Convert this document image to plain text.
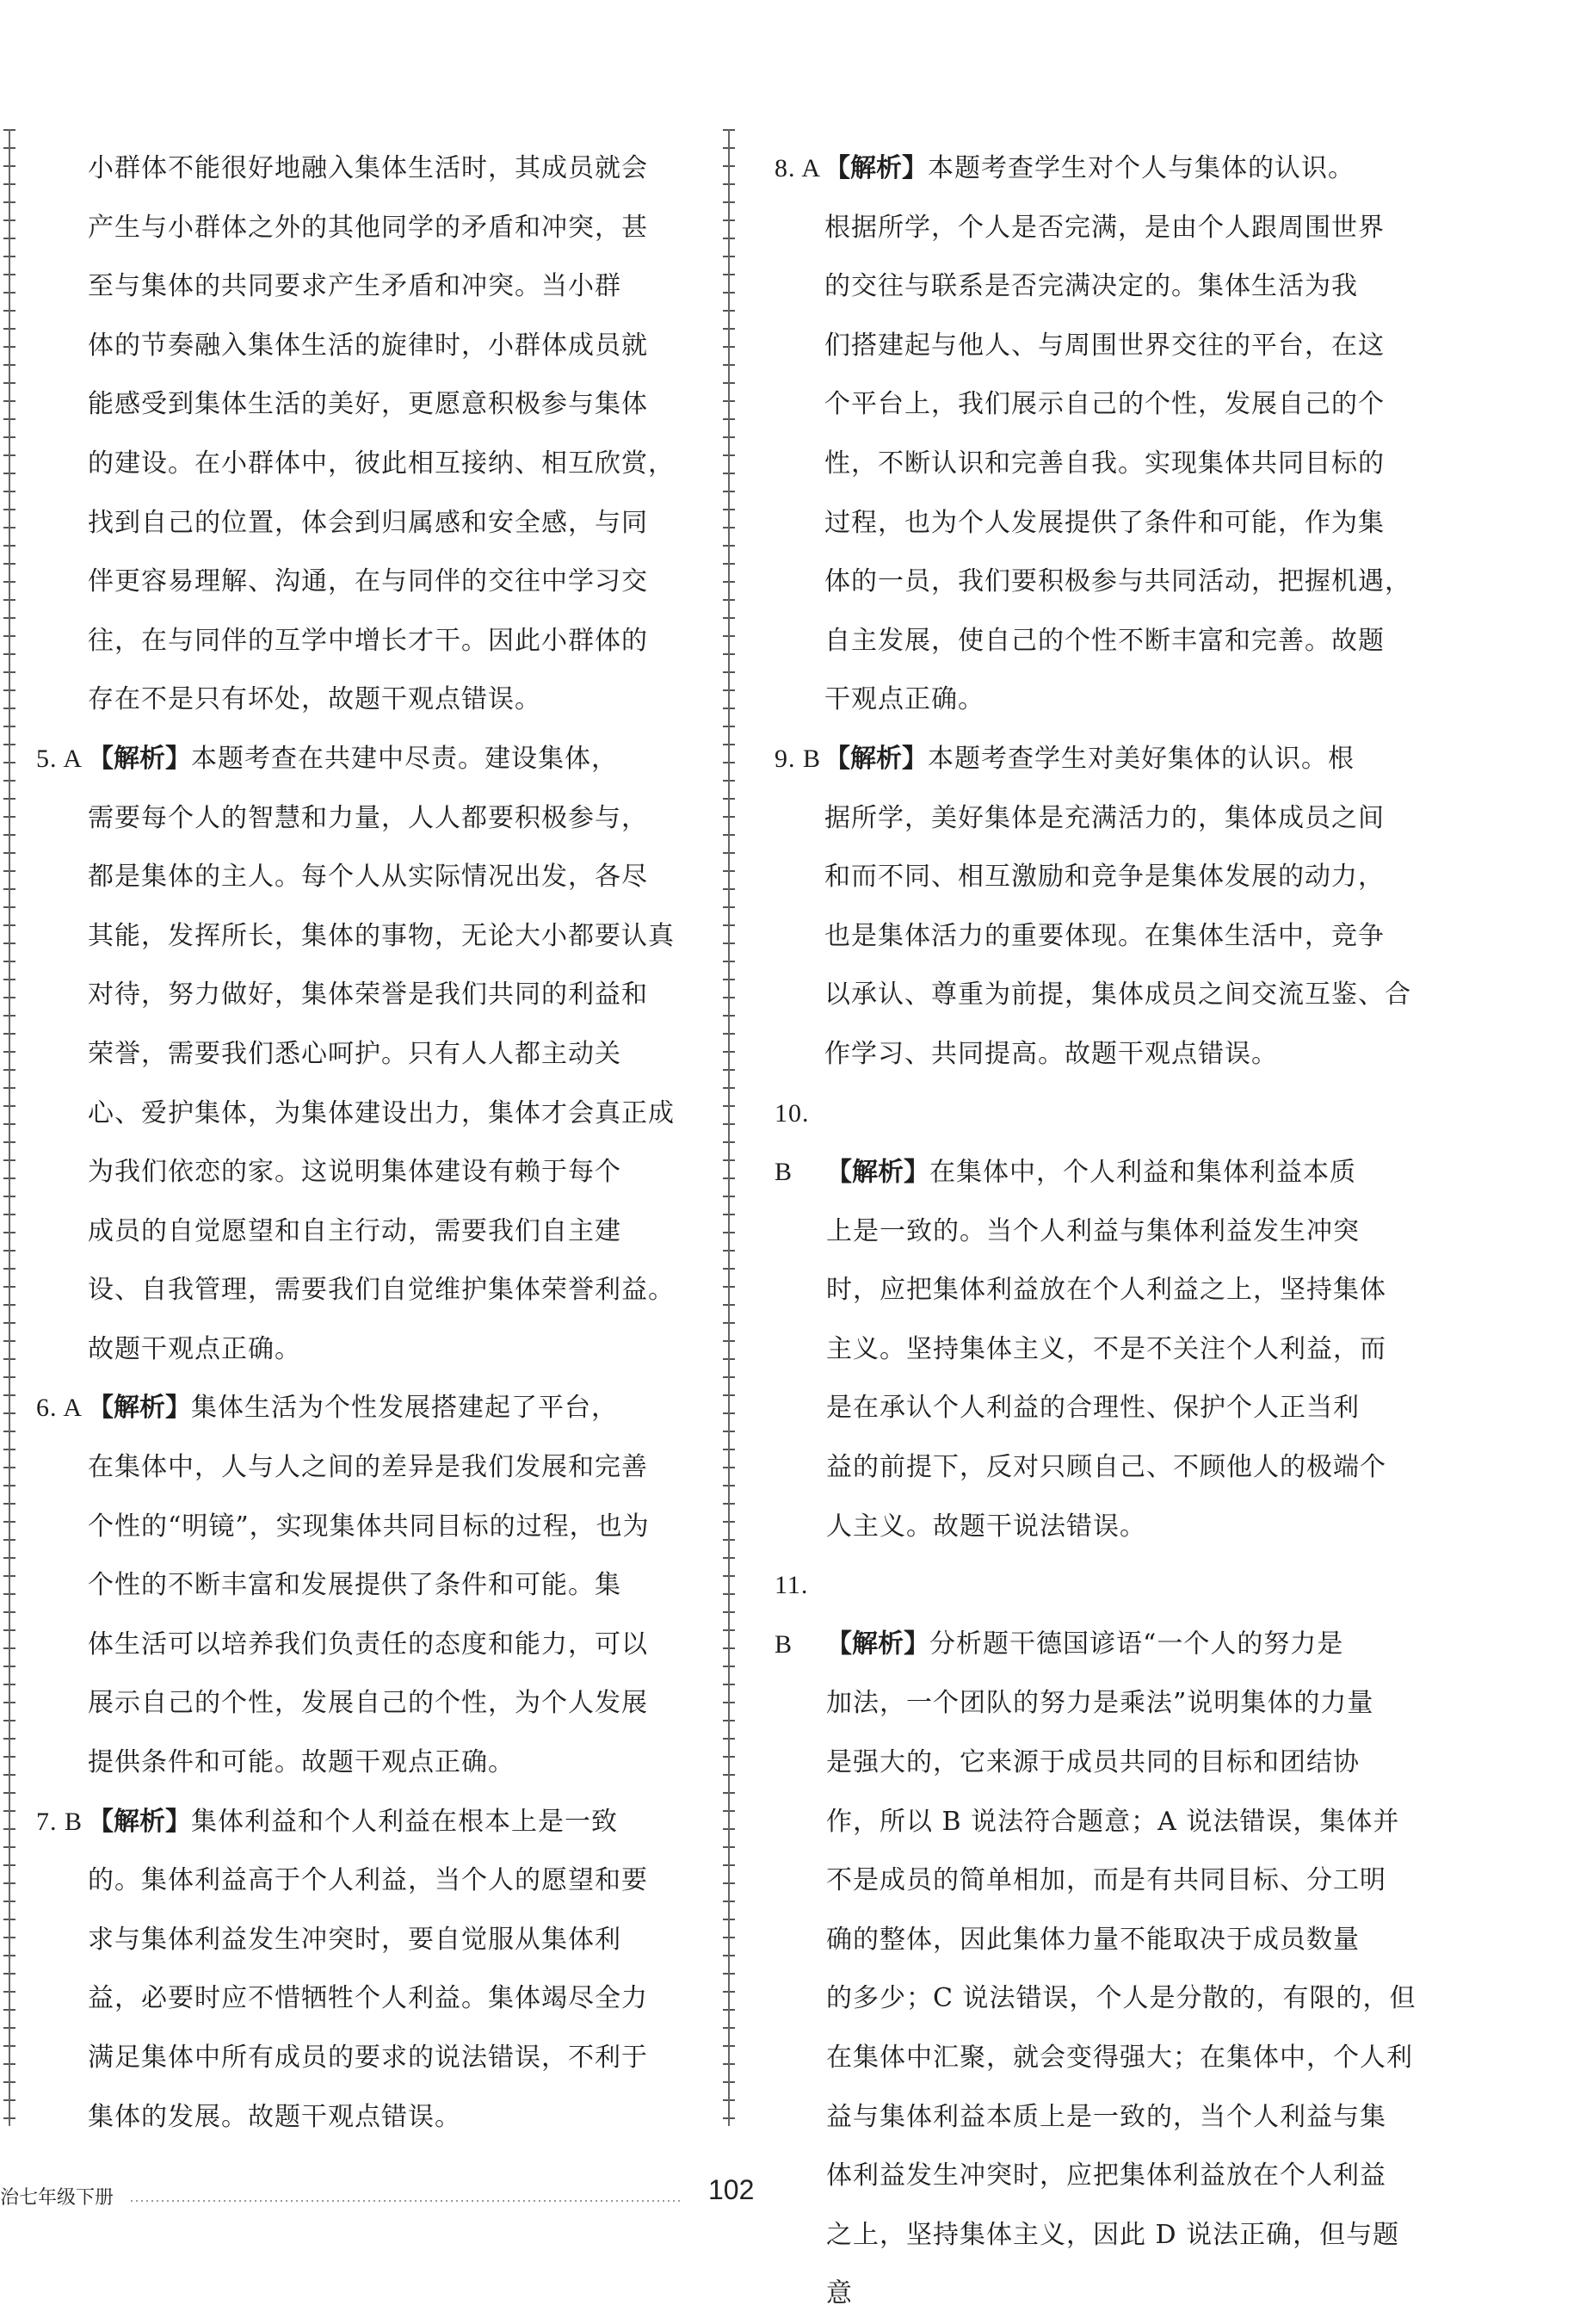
小群体不能很好地融入集体生活时，其成员就会

产生与小群体之外的其他同学的矛盾和冲突，甚

至与集体的共同要求产生矛盾和冲突。当小群

体的节奏融入集体生活的旋律时，小群体成员就

能感受到集体生活的美好，更愿意积极参与集体

的建设。在小群体中，彼此相互接纳、相互欣赏，

找到自己的位置，体会到归属感和安全感，与同

伴更容易理解、沟通，在与同伴的交往中学习交

往，在与同伴的互学中增长才干。因此小群体的

存在不是只有坏处，故题干观点错误。

5. A 【解析】本题考查在共建中尽责。建设集体，

需要每个人的智慧和力量，人人都要积极参与，

都是集体的主人。每个人从实际情况出发，各尽

其能，发挥所长，集体的事物，无论大小都要认真

对待，努力做好，集体荣誉是我们共同的利益和

荣誉，需要我们悉心呵护。只有人人都主动关

心、爱护集体，为集体建设出力，集体才会真正成

为我们依恋的家。这说明集体建设有赖于每个

成员的自觉愿望和自主行动，需要我们自主建

设、自我管理，需要我们自觉维护集体荣誉利益。

故题干观点正确。

6. A 【解析】集体生活为个性发展搭建起了平台，

在集体中，人与人之间的差异是我们发展和完善

个性的“明镜”，实现集体共同目标的过程，也为

个性的不断丰富和发展提供了条件和可能。集

体生活可以培养我们负责任的态度和能力，可以

展示自己的个性，发展自己的个性，为个人发展

提供条件和可能。故题干观点正确。

7. B 【解析】集体利益和个人利益在根本上是一致

的。集体利益高于个人利益，当个人的愿望和要

求与集体利益发生冲突时，要自觉服从集体利

益，必要时应不惜牺牲个人利益。集体竭尽全力

满足集体中所有成员的要求的说法错误，不利于

集体的发展。故题干观点错误。

8. A 【解析】本题考查学生对个人与集体的认识。

根据所学，个人是否完满，是由个人跟周围世界

的交往与联系是否完满决定的。集体生活为我

们搭建起与他人、与周围世界交往的平台，在这

个平台上，我们展示自己的个性，发展自己的个

性，不断认识和完善自我。实现集体共同目标的

过程，也为个人发展提供了条件和可能，作为集

体的一员，我们要积极参与共同活动，把握机遇，

自主发展，使自己的个性不断丰富和完善。故题

干观点正确。

9. B 【解析】本题考查学生对美好集体的认识。根

据所学，美好集体是充满活力的，集体成员之间

和而不同、相互激励和竞争是集体发展的动力，

也是集体活力的重要体现。在集体生活中，竞争

以承认、尊重为前提，集体成员之间交流互鉴、合

作学习、共同提高。故题干观点错误。

10. B 【解析】在集体中，个人利益和集体利益本质

上是一致的。当个人利益与集体利益发生冲突

时，应把集体利益放在个人利益之上，坚持集体

主义。坚持集体主义，不是不关注个人利益，而

是在承认个人利益的合理性、保护个人正当利

益的前提下，反对只顾自己、不顾他人的极端个

人主义。故题干说法错误。

11. B 【解析】分析题干德国谚语“一个人的努力是

加法，一个团队的努力是乘法”说明集体的力量

是强大的，它来源于成员共同的目标和团结协

作，所以 B 说法符合题意；A 说法错误，集体并

不是成员的简单相加，而是有共同目标、分工明

确的整体，因此集体力量不能取决于成员数量

的多少；C 说法错误，个人是分散的，有限的，但

在集体中汇聚，就会变得强大；在集体中，个人利

益与集体利益本质上是一致的，当个人利益与集

体利益发生冲突时，应把集体利益放在个人利益

之上，坚持集体主义，因此 D 说法正确，但与题意

治七年级下册	102
